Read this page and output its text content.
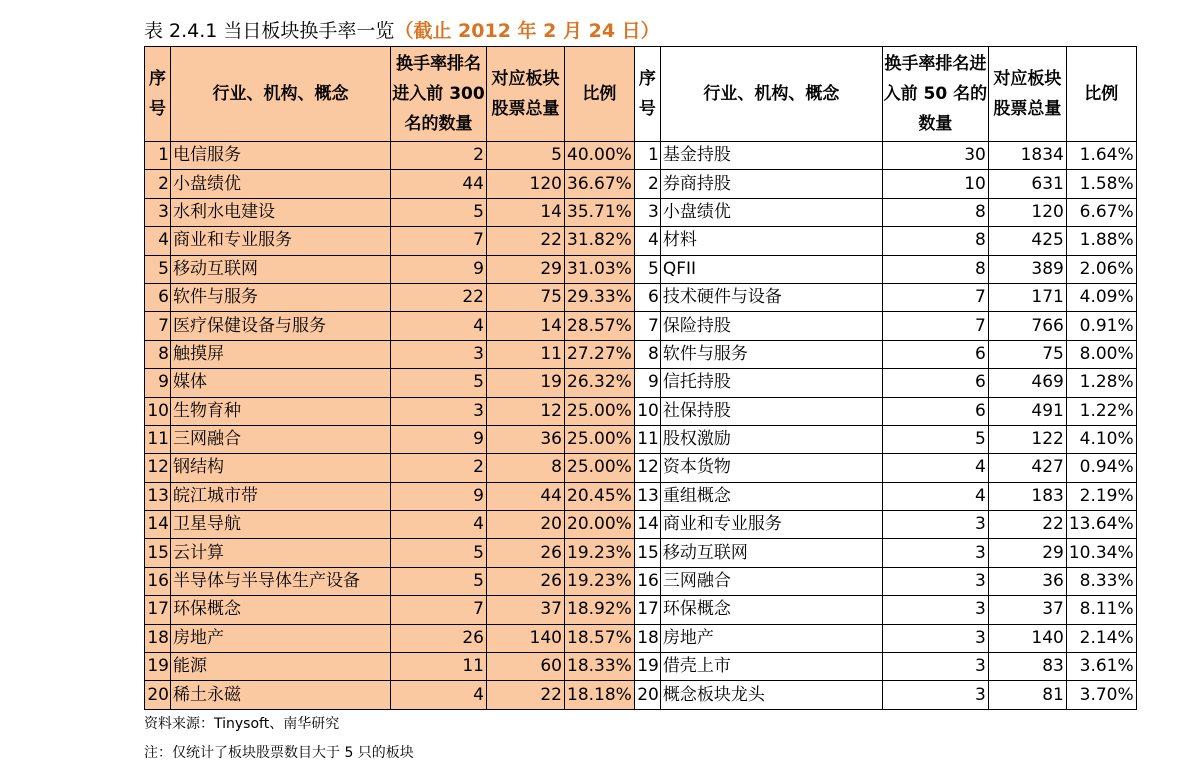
表 2.4.1 当日板块换手率一览（截止 2012 年 2 月 24 日）
序号	行业、机构、概念	换手率排名进入前 300 名的数量	对应板块股票总量	比例	序号	行业、机构、概念	换手率排名进入前 50 名的数量	对应板块股票总量	比例
1	电信服务	2	5	40.00%	1	基金持股	30	1834	1.64%
2	小盘绩优	44	120	36.67%	2	券商持股	10	631	1.58%
3	水利水电建设	5	14	35.71%	3	小盘绩优	8	120	6.67%
4	商业和专业服务	7	22	31.82%	4	材料	8	425	1.88%
5	移动互联网	9	29	31.03%	5	QFII	8	389	2.06%
6	软件与服务	22	75	29.33%	6	技术硬件与设备	7	171	4.09%
7	医疗保健设备与服务	4	14	28.57%	7	保险持股	7	766	0.91%
8	触摸屏	3	11	27.27%	8	软件与服务	6	75	8.00%
9	媒体	5	19	26.32%	9	信托持股	6	469	1.28%
10	生物育种	3	12	25.00%	10	社保持股	6	491	1.22%
11	三网融合	9	36	25.00%	11	股权激励	5	122	4.10%
12	钢结构	2	8	25.00%	12	资本货物	4	427	0.94%
13	皖江城市带	9	44	20.45%	13	重组概念	4	183	2.19%
14	卫星导航	4	20	20.00%	14	商业和专业服务	3	22	13.64%
15	云计算	5	26	19.23%	15	移动互联网	3	29	10.34%
16	半导体与半导体生产设备	5	26	19.23%	16	三网融合	3	36	8.33%
17	环保概念	7	37	18.92%	17	环保概念	3	37	8.11%
18	房地产	26	140	18.57%	18	房地产	3	140	2.14%
19	能源	11	60	18.33%	19	借壳上市	3	83	3.61%
20	稀土永磁	4	22	18.18%	20	概念板块龙头	3	81	3.70%
资料来源：Tinysoft、南华研究
注：仅统计了板块股票数目大于 5 只的板块
